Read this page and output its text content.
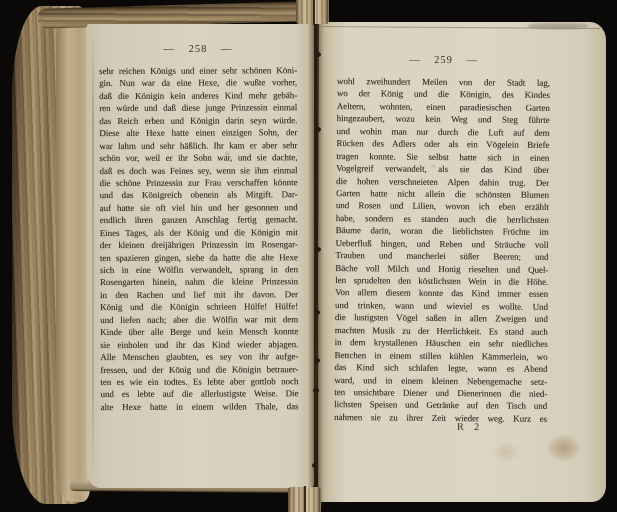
— 258 —
sehr reichen Königs und einer sehr schönen Köni-
gin. Nun war da eine Hexe, die wußte vorher,
daß die Königin kein anderes Kind mehr gebäh-
ren würde und daß diese junge Prinzessin einmal
das Reich erben und Königin darin seyn würde.
Diese alte Hexe hatte einen einzigen Sohn, der
war lahm und sehr häßlich. Ihr kam er aber sehr
schön vor, weil er ihr Sohn war, und sie dachte,
daß es doch was Feines sey, wenn sie ihm einmal
die schöne Prinzessin zur Frau verschaffen könnte
und das Königreich obenein als Mitgift. Dar-
auf hatte sie oft viel hin und her gesonnen und
endlich ihren ganzen Anschlag fertig gemacht.
Eines Tages, als der König und die Königin mit
der kleinen dreijährigen Prinzessin im Rosengar-
ten spazieren gingen, siehe da hatte die alte Hexe
sich in eine Wölfin verwandelt, sprang in den
Rosengarten hinein, nahm die kleine Prinzessin
in den Rachen und lief mit ihr davon. Der
König und die Königin schrieen Hülfe! Hülfe!
und liefen nach; aber die Wölfin war mit dem
Kinde über alle Berge und kein Mensch konnte
sie einholen und ihr das Kind wieder abjagen.
Alle Menschen glaubten, es sey von ihr aufge-
fressen, und der König und die Königin betrauer-
ten es wie ein todtes. Es lebte aber gottlob noch
und es lebte auf die allerlustigste Weise. Die
alte Hexe hatte in einem wilden Thale, das
— 259 —
wohl zweihundert Meilen von der Stadt lag,
wo der König und die Königin, des Kindes
Aeltern, wohnten, einen paradiesischen Garten
hingezaubert, wozu kein Weg und Steg führte
und wohin man nur durch die Luft auf dem
Rücken des Adlers oder als ein Vögelein Briefe
tragen konnte. Sie selbst hatte sich in einen
Vogelgreif verwandelt, als sie das Kind über
die hohen verschneieten Alpen dahin trug. Der
Garten hatte nicht allein die schönsten Blumen
und Rosen und Lilien, wovon ich eben erzählt
habe, sondern es standen auch die herrlichsten
Bäume darin, woran die lieblichsten Früchte im
Ueberfluß hingen, und Reben und Sträuche voll
Trauben und mancherlei süßer Beeren; und
Bäche voll Milch und Honig rieselten und Quel-
len sprudelten den köstlichsten Wein in die Höhe.
Von allem diesem konnte das Kind immer essen
und trinken, wann und wieviel es wollte. Und
die lustigsten Vögel saßen in allen Zweigen und
machten Musik zu der Herrlichkeit. Es stand auch
in dem krystallenen Häuschen ein sehr niedliches
Bettchen in einem stillen kühlen Kämmerlein, wo
das Kind sich schlafen legte, wann es Abend
ward, und in einem kleinen Nebengemache setz-
ten unsichtbare Diener und Dienerinnen die nied-
lichsten Speisen und Getränke auf den Tisch und
nahmen sie zu ihrer Zeit wieder weg. Kurz es
R 2
